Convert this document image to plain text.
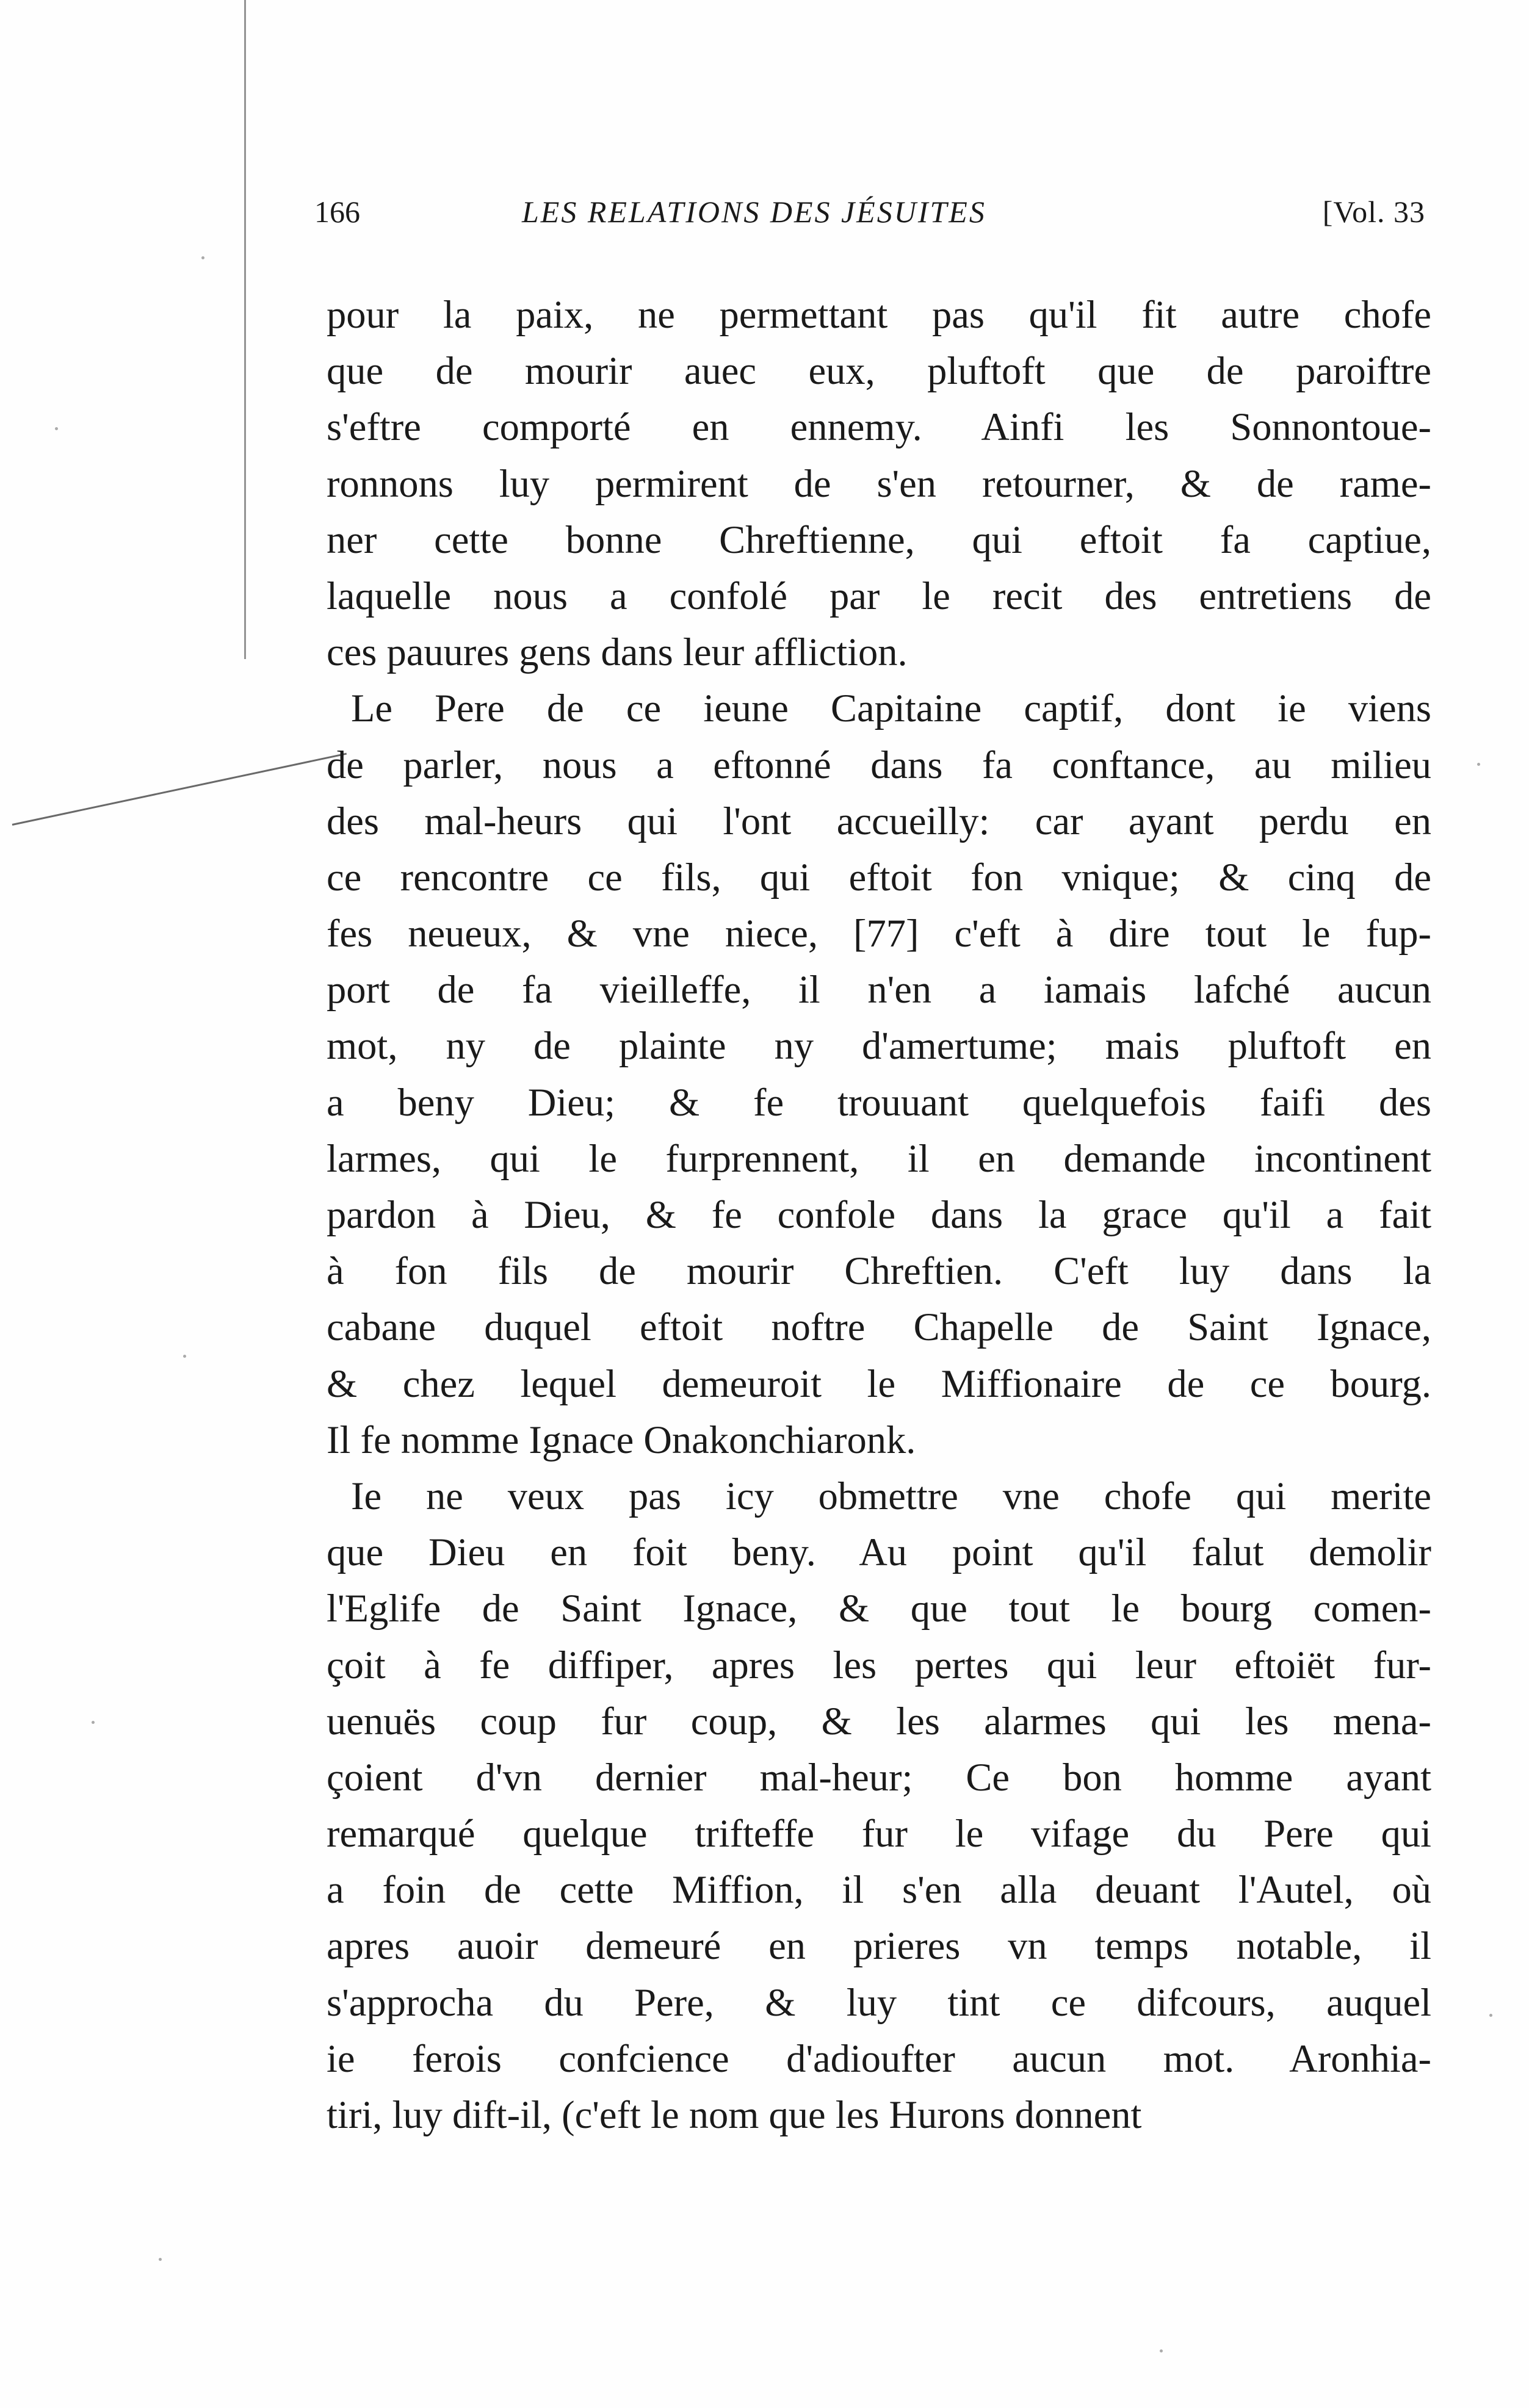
166	LES RELATIONS DES JÉSUITES	[Vol. 33
pour la paix, ne permettant pas qu'il fit autre chofe
que de mourir auec eux, pluftoft que de paroiftre
s'eftre comporté en ennemy. Ainfi les Sonnontoue-
ronnons luy permirent de s'en retourner, & de rame-
ner cette bonne Chreftienne, qui eftoit fa captiue,
laquelle nous a confolé par le recit des entretiens de
ces pauures gens dans leur affliction.
Le Pere de ce ieune Capitaine captif, dont ie viens
de parler, nous a eftonné dans fa conftance, au milieu
des mal-heurs qui l'ont accueilly: car ayant perdu en
ce rencontre ce fils, qui eftoit fon vnique; & cinq de
fes neueux, & vne niece, [77] c'eft à dire tout le fup-
port de fa vieilleffe, il n'en a iamais lafché aucun
mot, ny de plainte ny d'amertume; mais pluftoft en
a beny Dieu; & fe trouuant quelquefois faifi des
larmes, qui le furprennent, il en demande incontinent
pardon à Dieu, & fe confole dans la grace qu'il a fait
à fon fils de mourir Chreftien. C'eft luy dans la
cabane duquel eftoit noftre Chapelle de Saint Ignace,
& chez lequel demeuroit le Miffionaire de ce bourg.
Il fe nomme Ignace Onakonchiaronk.
Ie ne veux pas icy obmettre vne chofe qui merite
que Dieu en foit beny. Au point qu'il falut demolir
l'Eglife de Saint Ignace, & que tout le bourg comen-
çoit à fe diffiper, apres les pertes qui leur eftoiët fur-
uenuës coup fur coup, & les alarmes qui les mena-
çoient d'vn dernier mal-heur; Ce bon homme ayant
remarqué quelque trifteffe fur le vifage du Pere qui
a foin de cette Miffion, il s'en alla deuant l'Autel, où
apres auoir demeuré en prieres vn temps notable, il
s'approcha du Pere, & luy tint ce difcours, auquel
ie ferois confcience d'adioufter aucun mot. Aronhia-
tiri, luy dift-il, (c'eft le nom que les Hurons donnent
